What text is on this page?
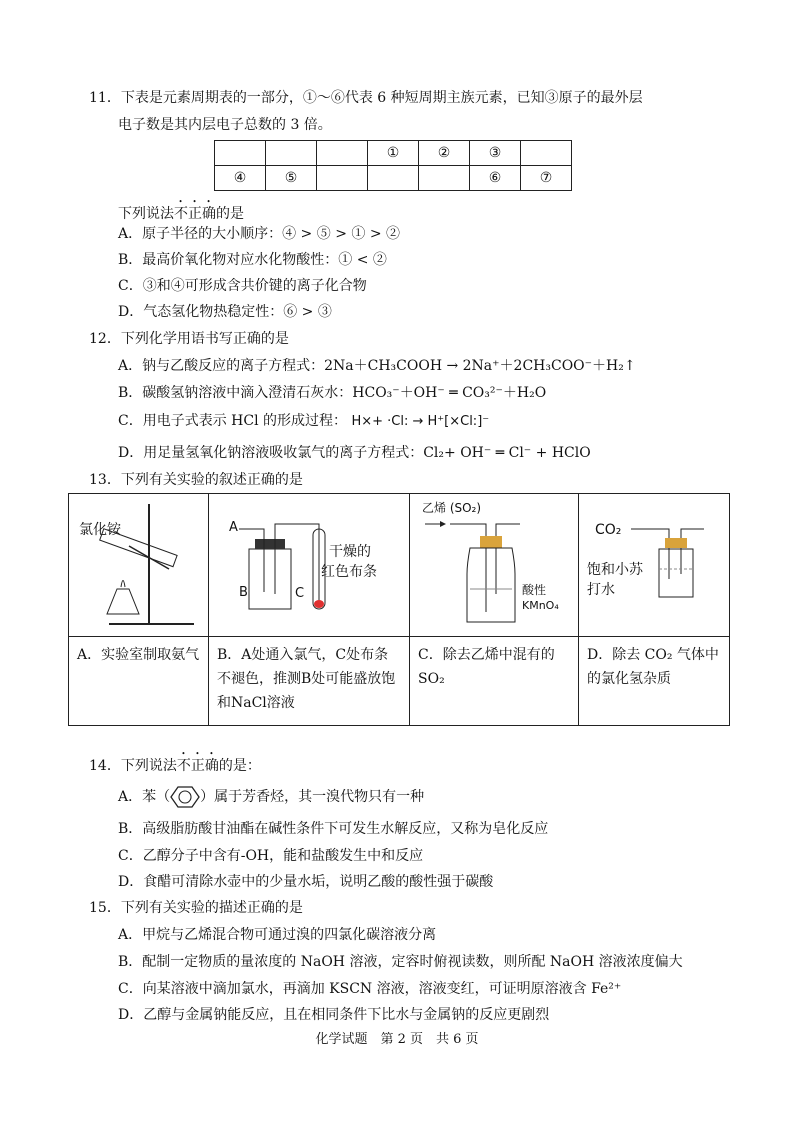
11．下表是元素周期表的一部分，①～⑥代表 6 种短周期主族元素，已知③原子的最外层
电子数是其内层电子总数的 3 倍。
			①	②	③	
④	⑤				⑥	⑦
下列说法不正确的是
A．原子半径的大小顺序：④ > ⑤ > ① > ②
B．最高价氧化物对应水化物酸性：① < ②
C．③和④可形成含共价键的离子化合物
D．气态氢化物热稳定性：⑥ > ③
12．下列化学用语书写正确的是
A．钠与乙酸反应的离子方程式：2Na＋CH₃COOH → 2Na⁺＋2CH₃COO⁻＋H₂↑
B．碳酸氢钠溶液中滴入澄清石灰水：HCO₃⁻＋OH⁻ ═ CO₃²⁻＋H₂O
C．用电子式表示 HCl 的形成过程： H×+ ·Cl: → H⁺[×Cl:]⁻
D．用足量氢氧化钠溶液吸收氯气的离子方程式：Cl₂+ OH⁻ ═ Cl⁻ + HClO
13．下列有关实验的叙述正确的是
氯化铵	A
B C
干燥的
红色布条	乙烯 (SO₂)
酸性
KMnO₄	CO₂
饱和小苏
打水

A．实验室制取氨气	B．A处通入氯气，C处布条不褪色，推测B处可能盛放饱和NaCl溶液	C．除去乙烯中混有的 SO₂	D．除去 CO₂ 气体中的氯化氢杂质
14．下列说法不正确的是：
A．苯（ ）属于芳香烃，其一溴代物只有一种
B．高级脂肪酸甘油酯在碱性条件下可发生水解反应，又称为皂化反应
C．乙醇分子中含有-OH，能和盐酸发生中和反应
D．食醋可清除水壶中的少量水垢，说明乙酸的酸性强于碳酸
15．下列有关实验的描述正确的是
A．甲烷与乙烯混合物可通过溴的四氯化碳溶液分离
B．配制一定物质的量浓度的 NaOH 溶液，定容时俯视读数，则所配 NaOH 溶液浓度偏大
C．向某溶液中滴加氯水，再滴加 KSCN 溶液，溶液变红，可证明原溶液含 Fe²⁺
D．乙醇与金属钠能反应，且在相同条件下比水与金属钠的反应更剧烈
化学试题　第 2 页　共 6 页
